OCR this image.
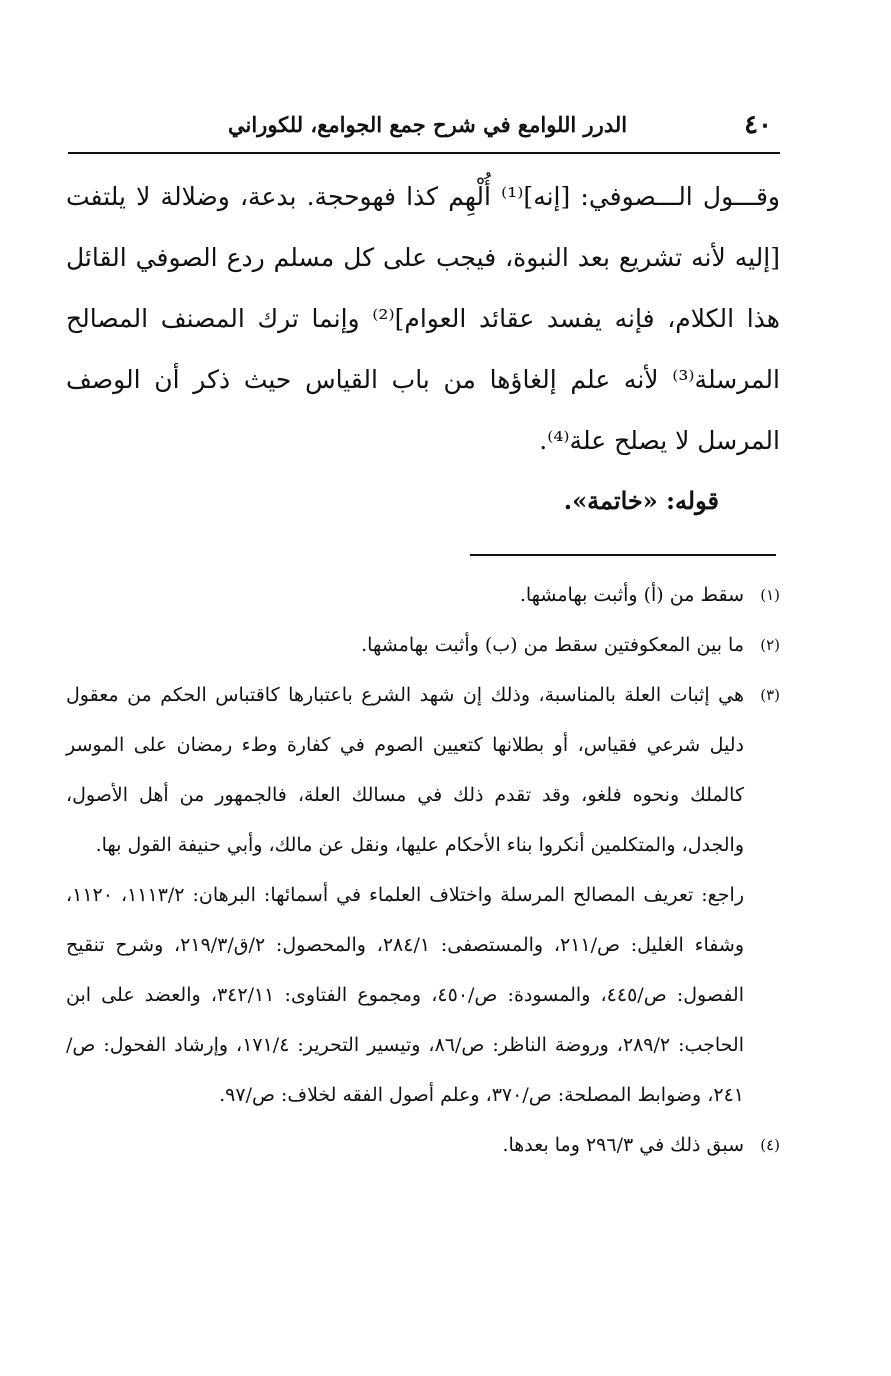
٤٠
الدرر اللوامع في شرح جمع الجوامع، للكوراني

وقـــول الـــصوفي: [إنه]⁽¹⁾ أُلْهِم كذا فهوحجة. بدعة، وضلالة لا يلتفت [إليه لأنه تشريع بعد النبوة، فيجب على كل مسلم ردع الصوفي القائل هذا الكلام، فإنه يفسد عقائد العوام]⁽²⁾ وإنما ترك المصنف المصالح المرسلة⁽³⁾ لأنه علم إلغاؤها من باب القياس حيث ذكر أن الوصف المرسل لا يصلح علة⁽⁴⁾.

قوله: «خاتمة».

(١)
سقط من (أ) وأثبت بهامشها.

(٢)
ما بين المعكوفتين سقط من (ب) وأثبت بهامشها.

(٣)
هي إثبات العلة بالمناسبة، وذلك إن شهد الشرع باعتبارها كاقتباس الحكم من معقول دليل شرعي فقياس، أو بطلانها كتعيين الصوم في كفارة وطء رمضان على الموسر كالملك ونحوه فلغو، وقد تقدم ذلك في مسالك العلة، فالجمهور من أهل الأصول، والجدل، والمتكلمين أنكروا بناء الأحكام عليها، ونقل عن مالك، وأبي حنيفة القول بها.

راجع: تعريف المصالح المرسلة واختلاف العلماء في أسمائها: البرهان: ١١١٣/٢، ١١٢٠، وشفاء الغليل: ص/٢١١، والمستصفى: ٢٨٤/١، والمحصول: ٢/ق/٢١٩/٣، وشرح تنقيح الفصول: ص/٤٤٥، والمسودة: ص/٤٥٠، ومجموع الفتاوى: ٣٤٢/١١، والعضد على ابن الحاجب: ٢٨٩/٢، وروضة الناظر: ص/٨٦، وتيسير التحرير: ١٧١/٤، وإرشاد الفحول: ص/٢٤١، وضوابط المصلحة: ص/٣٧٠، وعلم أصول الفقه لخلاف: ص/٩٧.

(٤)
سبق ذلك في ٢٩٦/٣ وما بعدها.
